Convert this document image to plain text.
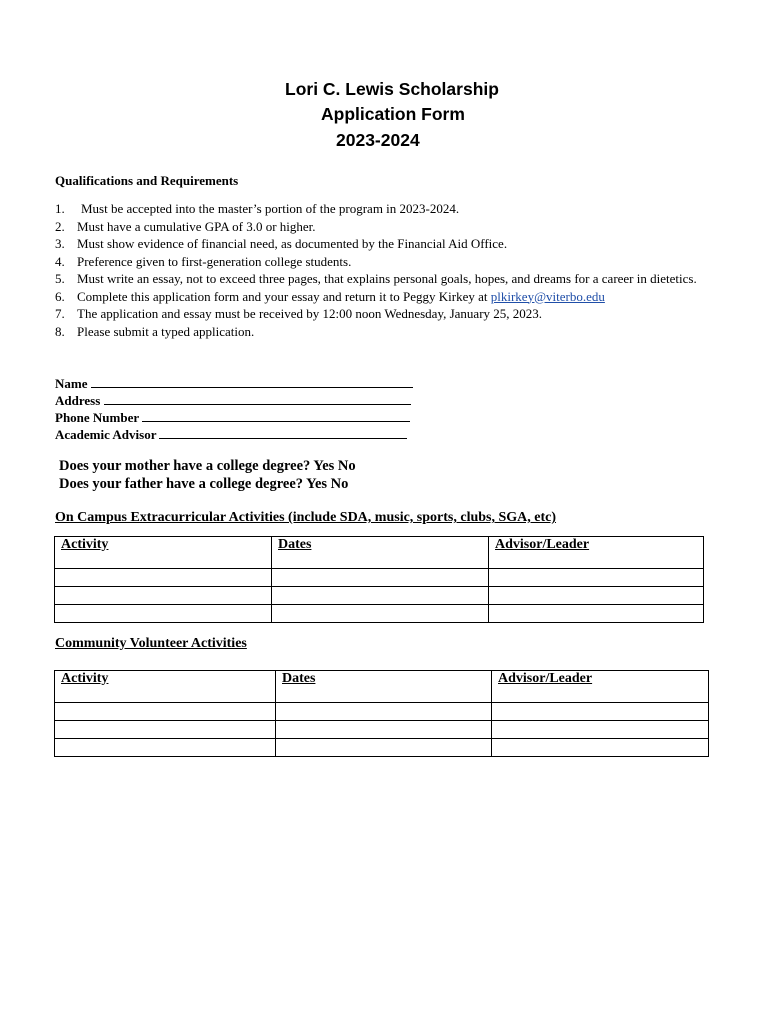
Lori C. Lewis Scholarship
Application Form
2023-2024
Qualifications and Requirements
1.	Must be accepted into the master’s portion of the program in 2023-2024.
2. Must have a cumulative GPA of 3.0 or higher.
3. Must show evidence of financial need, as documented by the Financial Aid Office.
4. Preference given to first-generation college students.
5. Must write an essay, not to exceed three pages, that explains personal goals, hopes, and dreams for a career in dietetics.
6. Complete this application form and your essay and return it to Peggy Kirkey at plkirkey@viterbo.edu
7. The application and essay must be received by 12:00 noon Wednesday, January 25, 2023.
8. Please submit a typed application.
Name
Address
Phone Number
Academic Advisor
Does your mother have a college degree? Yes No
Does your father have a college degree? Yes No
On Campus Extracurricular Activities (include SDA, music, sports, clubs, SGA, etc)
Activity	Dates	Advisor/Leader

Community Volunteer Activities
Activity	Dates	Advisor/Leader
